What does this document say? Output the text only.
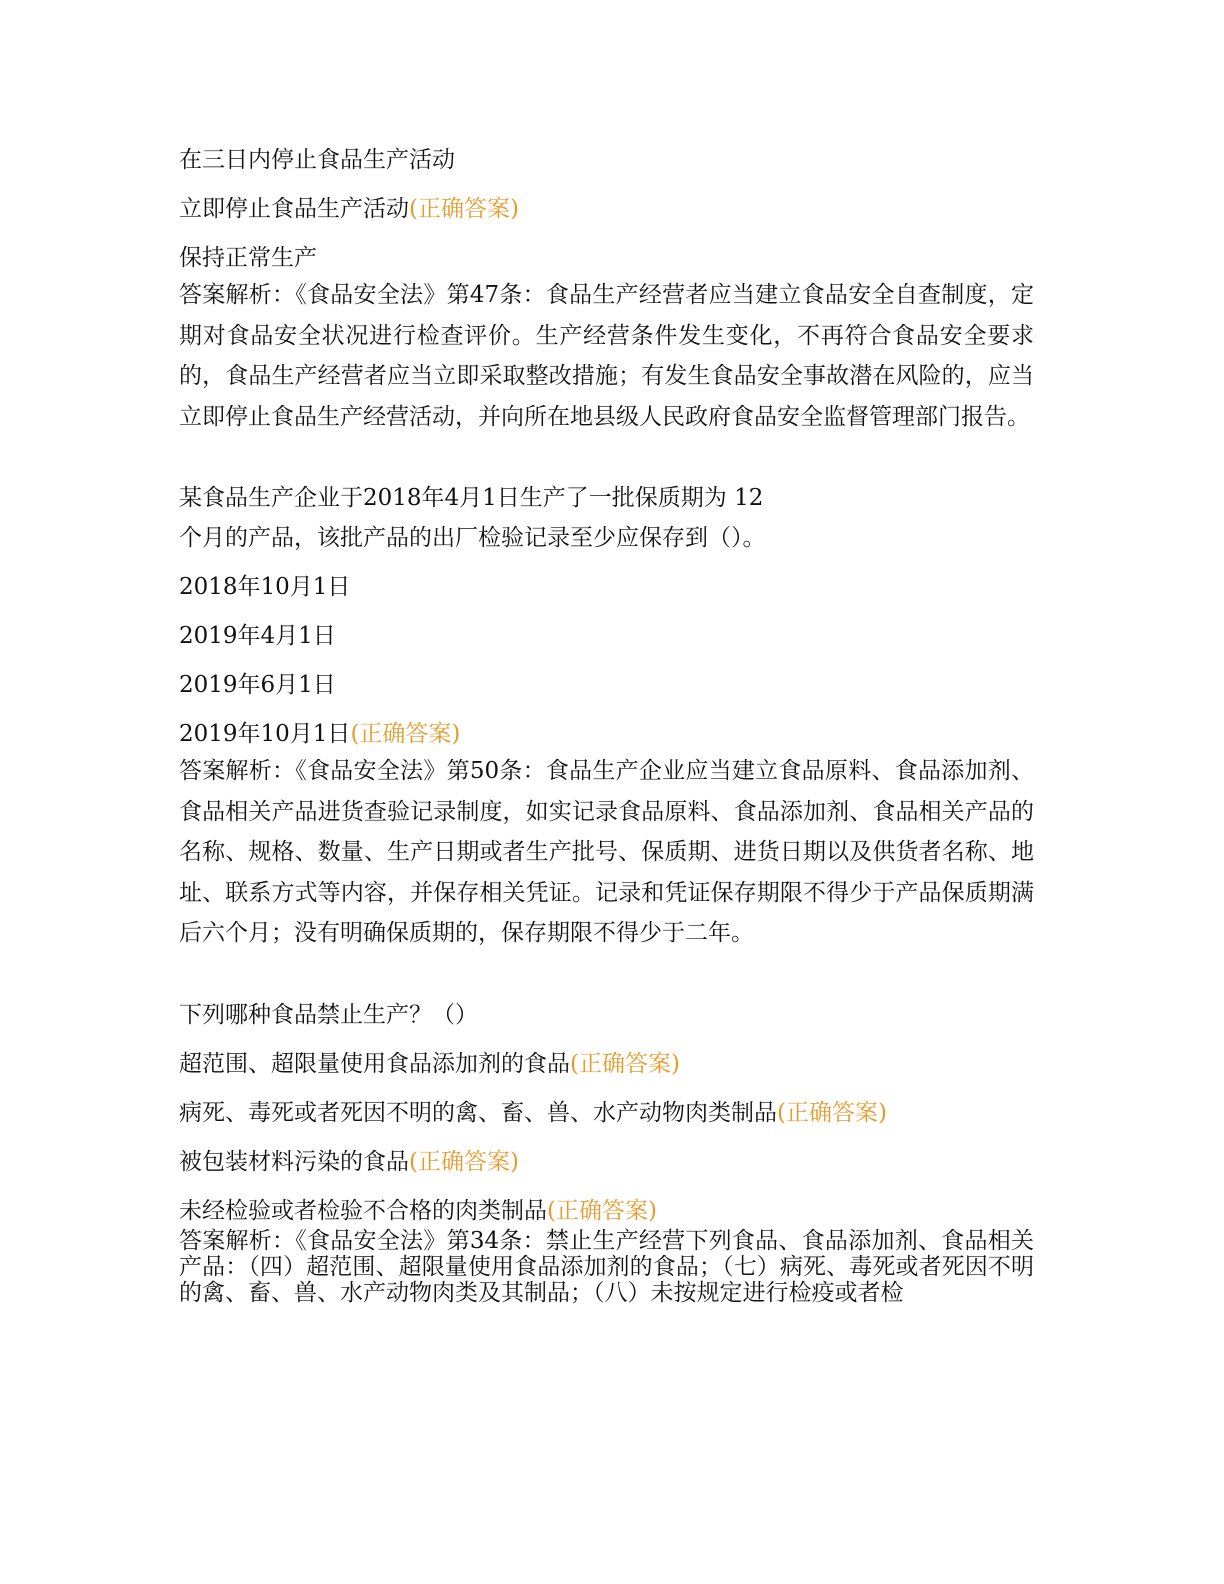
在三日内停止食品生产活动
立即停止食品生产活动(正确答案)
保持正常生产
答案解析：《食品安全法》第47条：食品生产经营者应当建立食品安全自查制度，定期对食品安全状况进行检查评价。生产经营条件发生变化，不再符合食品安全要求的，食品生产经营者应当立即采取整改措施；有发生食品安全事故潜在风险的，应当立即停止食品生产经营活动，并向所在地县级人民政府食品安全监督管理部门报告。
某食品生产企业于2018年4月1日生产了一批保质期为 12
个月的产品，该批产品的出厂检验记录至少应保存到（）。
2018年10月1日
2019年4月1日
2019年6月1日
2019年10月1日(正确答案)
答案解析：《食品安全法》第50条：食品生产企业应当建立食品原料、食品添加剂、食品相关产品进货查验记录制度，如实记录食品原料、食品添加剂、食品相关产品的名称、规格、数量、生产日期或者生产批号、保质期、进货日期以及供货者名称、地址、联系方式等内容，并保存相关凭证。记录和凭证保存期限不得少于产品保质期满后六个月；没有明确保质期的，保存期限不得少于二年。
下列哪种食品禁止生产？（）
超范围、超限量使用食品添加剂的食品(正确答案)
病死、毒死或者死因不明的禽、畜、兽、水产动物肉类制品(正确答案)
被包装材料污染的食品(正确答案)
未经检验或者检验不合格的肉类制品(正确答案)
答案解析：《食品安全法》第34条：禁止生产经营下列食品、食品添加剂、食品相关产品：（四）超范围、超限量使用食品添加剂的食品；（七）病死、毒死或者死因不明的禽、畜、兽、水产动物肉类及其制品；（八）未按规定进行检疫或者检
